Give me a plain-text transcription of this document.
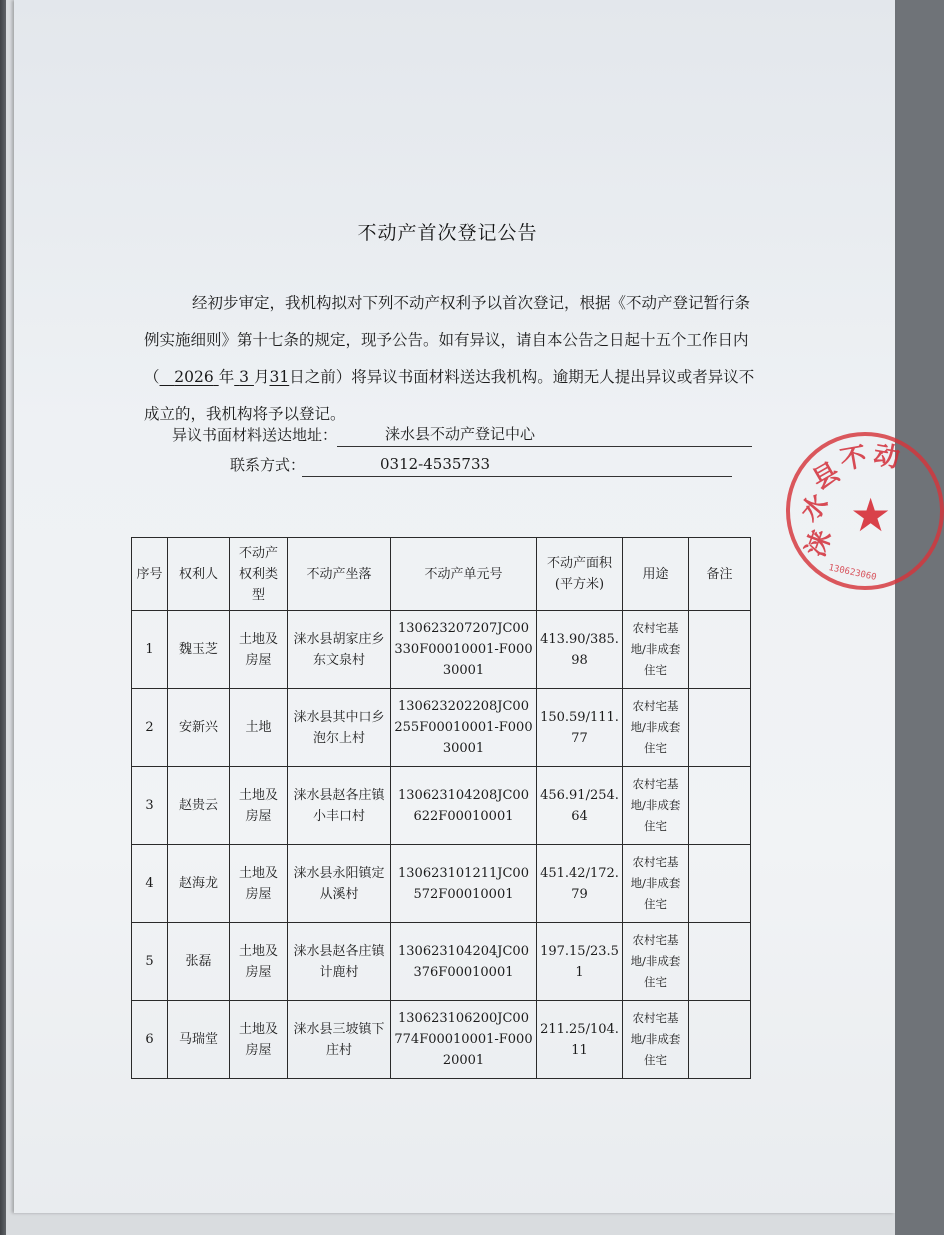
不动产首次登记公告
经初步审定，我机构拟对下列不动产权利予以首次登记，根据《不动产登记暂行条例实施细则》第十七条的规定，现予公告。如有异议，请自本公告之日起十五个工作日内（ 2026 年 3 月31日之前）将异议书面材料送达我机构。逾期无人提出异议或者异议不成立的，我机构将予以登记。
异议书面材料送达地址：	涞水县不动产登记中心
联系方式：	0312-4535733
涞
水
县
不 动
★
130623060
序号	权利人	不动产权利类型	不动产坐落	不动产单元号	不动产面积(平方米)	用途	备注
1	魏玉芝	土地及房屋	涞水县胡家庄乡东文泉村	130623207207JC00330F00010001-F00030001	413.90/385.98	农村宅基地/非成套住宅	
2	安新兴	土地	涞水县其中口乡泡尔上村	130623202208JC00255F00010001-F00030001	150.59/111.77	农村宅基地/非成套住宅	
3	赵贵云	土地及房屋	涞水县赵各庄镇小丰口村	130623104208JC00622F00010001	456.91/254.64	农村宅基地/非成套住宅	
4	赵海龙	土地及房屋	涞水县永阳镇定从溪村	130623101211JC00572F00010001	451.42/172.79	农村宅基地/非成套住宅	
5	张磊	土地及房屋	涞水县赵各庄镇计鹿村	130623104204JC00376F00010001	197.15/23.51	农村宅基地/非成套住宅	
6	马瑞堂	土地及房屋	涞水县三坡镇下庄村	130623106200JC00774F00010001-F00020001	211.25/104.11	农村宅基地/非成套住宅	
